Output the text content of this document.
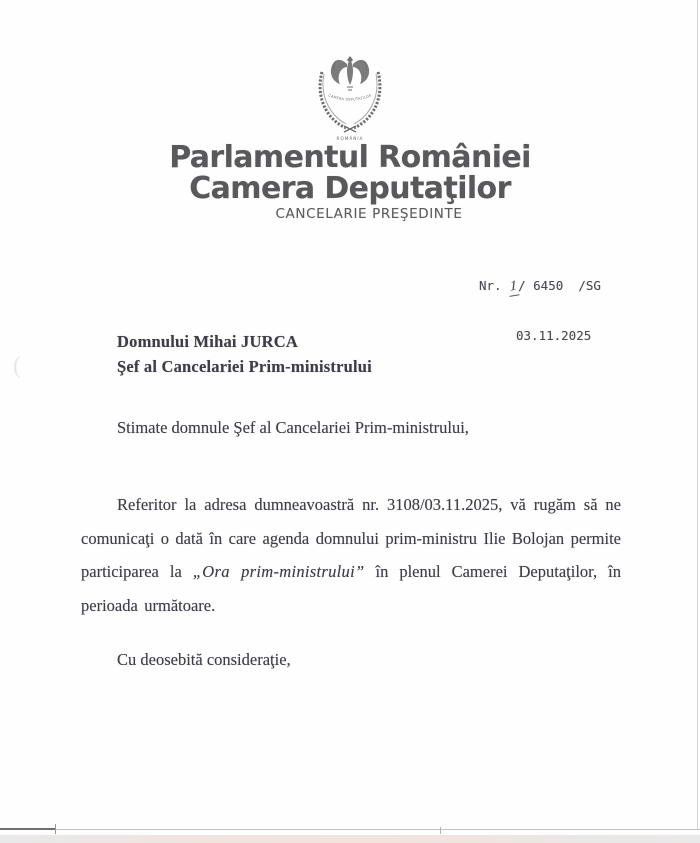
CAMERA DEPUTAŢILOR
ROMÂNIA
Parlamentul României
Camera Deputaţilor
CANCELARIE PREŞEDINTE

Nr. 1/ 6450  /SG

03.11.2025

Domnului Mihai JURCA
Şef al Cancelariei Prim-ministrului
Stimate domnule Şef al Cancelariei Prim-ministrului,

Referitor la adresa dumneavoastră nr. 3108/03.11.2025, vă rugăm să ne comunicaţi o dată în care agenda domnului prim-ministru Ilie Bolojan permite participarea la „Ora prim-ministrului” în plenul Camerei Deputaţilor, în perioada următoare.

Cu deosebită consideraţie,
(
